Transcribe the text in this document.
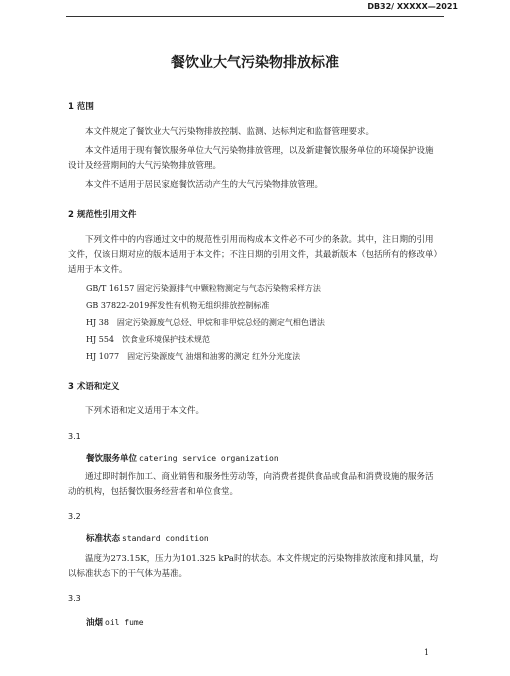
DB32/ XXXXX—2021
餐饮业大气污染物排放标准
1 范围
本文件规定了餐饮业大气污染物排放控制、监测、达标判定和监督管理要求。
本文件适用于现有餐饮服务单位大气污染物排放管理，以及新建餐饮服务单位的环境保护设施设计及经营期间的大气污染物排放管理。
本文件不适用于居民家庭餐饮活动产生的大气污染物排放管理。
2 规范性引用文件
下列文件中的内容通过文中的规范性引用而构成本文件必不可少的条款。其中，注日期的引用文件，仅该日期对应的版本适用于本文件；不注日期的引用文件，其最新版本（包括所有的修改单）适用于本文件。
GB/T 16157 固定污染源排气中颗粒物测定与气态污染物采样方法
GB 37822-2019挥发性有机物无组织排放控制标准
HJ 38　固定污染源废气总烃、甲烷和非甲烷总烃的测定气相色谱法
HJ 554　饮食业环境保护技术规范
HJ 1077　固定污染源废气 油烟和油雾的测定 红外分光度法
3 术语和定义
下列术语和定义适用于本文件。
3.1
餐饮服务单位 catering service organization
通过即时制作加工、商业销售和服务性劳动等，向消费者提供食品或食品和消费设施的服务活动的机构，包括餐饮服务经营者和单位食堂。
3.2
标准状态 standard condition
温度为273.15K，压力为101.325 kPa时的状态。本文件规定的污染物排放浓度和排风量，均以标准状态下的干气体为基准。
3.3
油烟 oil fume
1
